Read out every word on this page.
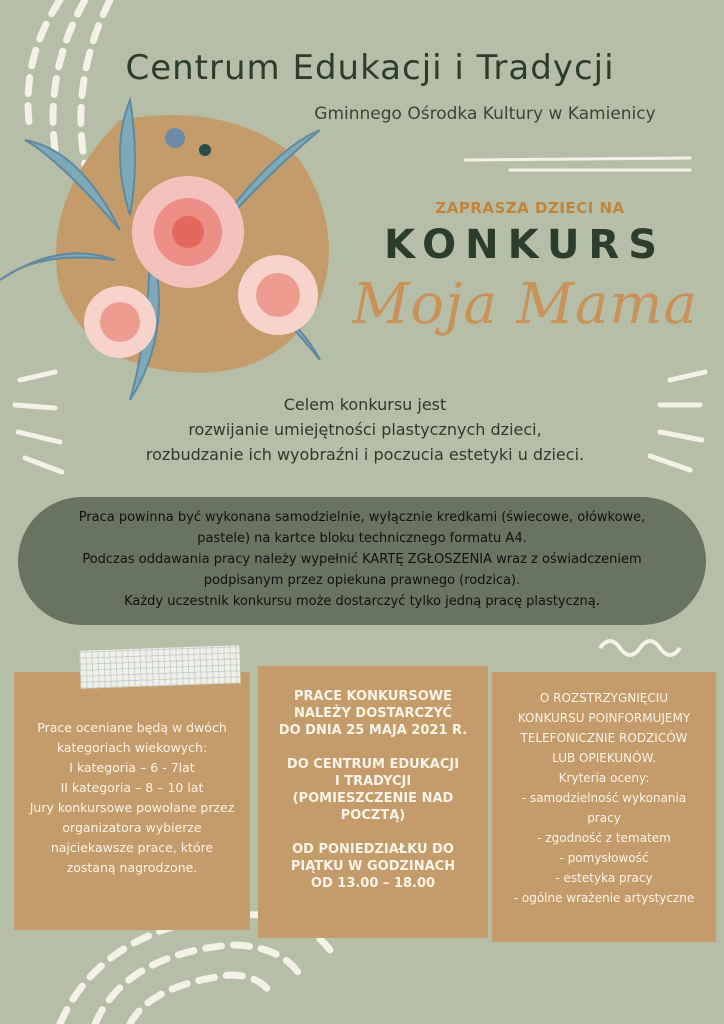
Centrum Edukacji i Tradycji
Gminnego Ośrodka Kultury w Kamienicy
ZAPRASZA DZIECI NA
KONKURS
Moja Mama
Celem konkursu jest
rozwijanie umiejętności plastycznych dzieci,
rozbudzanie ich wyobraźni i poczucia estetyki u dzieci.
Praca powinna być wykonana samodzielnie, wyłącznie kredkami (świecowe, ołówkowe,
pastele) na kartce bloku technicznego formatu A4.
Podczas oddawania pracy należy wypełnić KARTĘ ZGŁOSZENIA wraz z oświadczeniem
podpisanym przez opiekuna prawnego (rodzica).
Każdy uczestnik konkursu może dostarczyć tylko jedną pracę plastyczną.
Prace oceniane będą w dwóch
kategoriach wiekowych:
I kategoria – 6 - 7lat
II kategoria – 8 – 10 lat
Jury konkursowe powołane przez
organizatora wybierze
najciekawsze prace, które
zostaną nagrodzone.
PRACE KONKURSOWE
NALEŻY DOSTARCZYĆ
DO DNIA 25 MAJA 2021 R.
DO CENTRUM EDUKACJI
I TRADYCJI
(POMIESZCZENIE NAD
POCZTĄ)
OD PONIEDZIAŁKU DO
PIĄTKU W GODZINACH
OD 13.00 – 18.00
O ROZSTRZYGNIĘCIU
KONKURSU POINFORMUJEMY
TELEFONICZNIE RODZICÓW
LUB OPIEKUNÓW.
Kryteria oceny:
- samodzielność wykonania
pracy
- zgodność z tematem
- pomysłowość
- estetyka pracy
- ogólne wrażenie artystyczne
